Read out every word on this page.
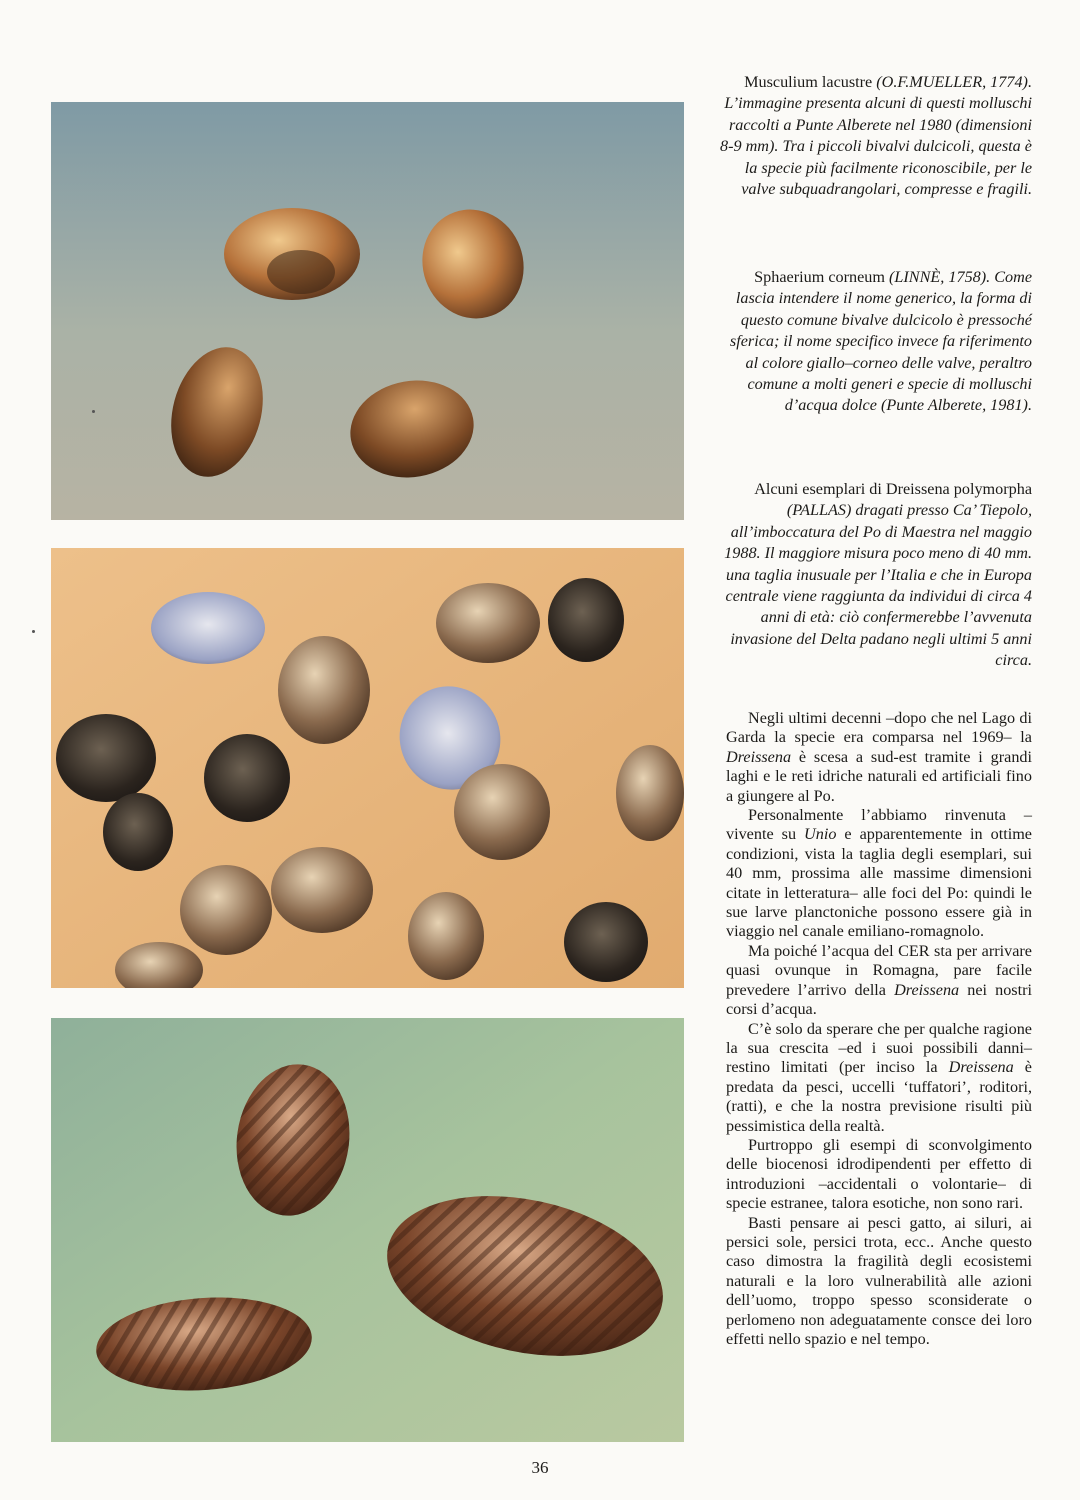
Musculium lacustre (O.F.MUELLER, 1774). L’immagine presenta alcuni di questi molluschi raccolti a Punte Alberete nel 1980 (dimensioni 8-9 mm). Tra i piccoli bivalvi dulcicoli, questa è la specie più facilmente riconoscibile, per le valve subquadrangolari, compresse e fragili.
Sphaerium corneum (LINNÈ, 1758). Come lascia intendere il nome generico, la forma di questo comune bivalve dulcicolo è pressoché sferica; il nome specifico invece fa riferimento al colore giallo–corneo delle valve, peraltro comune a molti generi e specie di molluschi d’acqua dolce (Punte Alberete, 1981).
Alcuni esemplari di Dreissena polymorpha (PALLAS) dragati presso Ca’ Tiepolo, all’imboccatura del Po di Maestra nel maggio 1988. Il maggiore misura poco meno di 40 mm. una taglia inusuale per l’Italia e che in Europa centrale viene raggiunta da individui di circa 4 anni di età: ciò confermerebbe l’avvenuta invasione del Delta padano negli ultimi 5 anni circa.

Negli ultimi decenni –dopo che nel Lago di Garda la specie era comparsa nel 1969– la Dreissena è scesa a sud-est tramite i grandi laghi e le reti idriche naturali ed artificiali fino a giungere al Po.

Personalmente l’abbiamo rinvenuta –vivente su Unio e apparentemente in ottime condizioni, vista la taglia degli esemplari, sui 40 mm, prossima alle massime dimensioni citate in letteratura– alle foci del Po: quindi le sue larve planctoniche possono essere già in viaggio nel canale emiliano-romagnolo.

Ma poiché l’acqua del CER sta per arrivare quasi ovunque in Romagna, pare facile prevedere l’arrivo della Dreissena nei nostri corsi d’acqua.

C’è solo da sperare che per qualche ragione la sua crescita –ed i suoi possibili danni– restino limitati (per inciso la Dreissena è predata da pesci, uccelli ‘tuffatori’, roditori, (ratti), e che la nostra previsione risulti più pessimistica della realtà.

Purtroppo gli esempi di sconvolgimento delle biocenosi idrodipendenti per effetto di introduzioni –accidentali o volontarie– di specie estranee, talora esotiche, non sono rari.

Basti pensare ai pesci gatto, ai siluri, ai persici sole, persici trota, ecc.. Anche questo caso dimostra la fragilità degli ecosistemi naturali e la loro vulnerabilità alle azioni dell’uomo, troppo spesso sconsiderate o perlomeno non adeguatamente consce dei loro effetti nello spazio e nel tempo.

36
